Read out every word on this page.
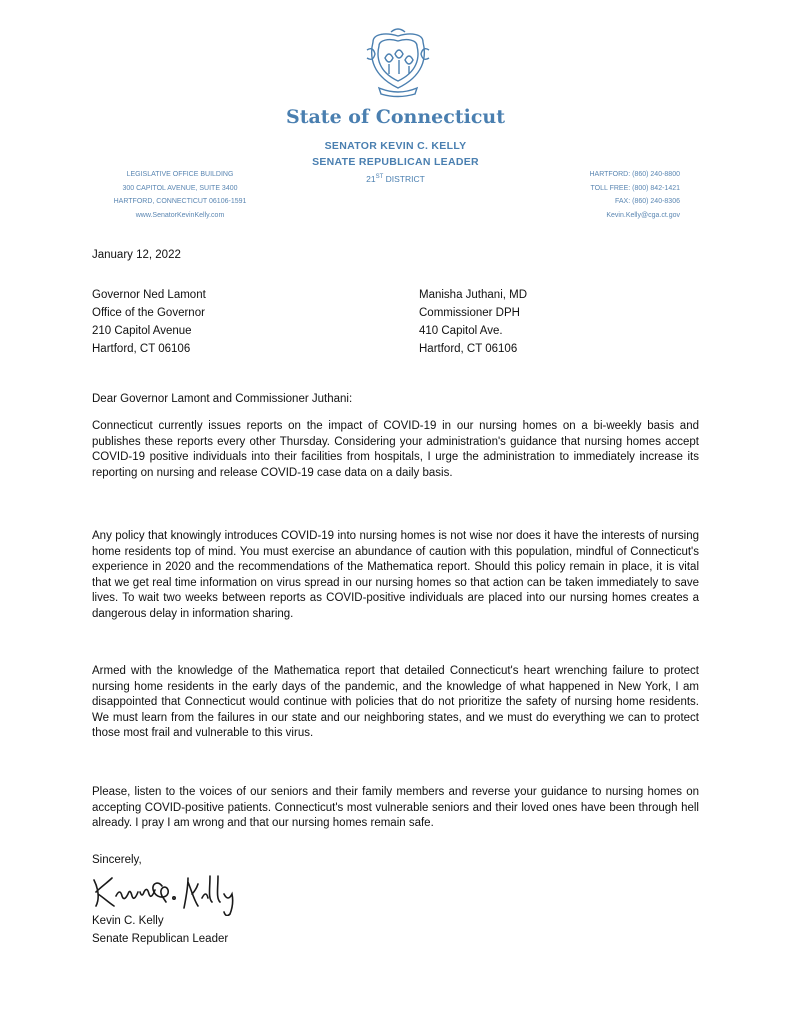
State of Connecticut
SENATOR KEVIN C. KELLY
SENATE REPUBLICAN LEADER
21ST DISTRICT
LEGISLATIVE OFFICE BUILDING
300 CAPITOL AVENUE, SUITE 3400
HARTFORD, CONNECTICUT 06106-1591
www.SenatorKevinKelly.com
HARTFORD: (860) 240-8800
TOLL FREE: (800) 842-1421
FAX: (860) 240-8306
Kevin.Kelly@cga.ct.gov
January 12, 2022
Governor Ned Lamont
Office of the Governor
210 Capitol Avenue
Hartford, CT 06106
Manisha Juthani, MD
Commissioner DPH
410 Capitol Ave.
Hartford, CT 06106
Dear Governor Lamont and Commissioner Juthani:

Connecticut currently issues reports on the impact of COVID-19 in our nursing homes on a bi-weekly basis and publishes these reports every other Thursday. Considering your administration's guidance that nursing homes accept COVID-19 positive individuals into their facilities from hospitals, I urge the administration to immediately increase its reporting on nursing and release COVID-19 case data on a daily basis.

Any policy that knowingly introduces COVID-19 into nursing homes is not wise nor does it have the interests of nursing home residents top of mind. You must exercise an abundance of caution with this population, mindful of Connecticut's experience in 2020 and the recommendations of the Mathematica report. Should this policy remain in place, it is vital that we get real time information on virus spread in our nursing homes so that action can be taken immediately to save lives. To wait two weeks between reports as COVID-positive individuals are placed into our nursing homes creates a dangerous delay in information sharing.

Armed with the knowledge of the Mathematica report that detailed Connecticut's heart wrenching failure to protect nursing home residents in the early days of the pandemic, and the knowledge of what happened in New York, I am disappointed that Connecticut would continue with policies that do not prioritize the safety of nursing home residents. We must learn from the failures in our state and our neighboring states, and we must do everything we can to protect those most frail and vulnerable to this virus.

Please, listen to the voices of our seniors and their family members and reverse your guidance to nursing homes on accepting COVID-positive patients. Connecticut's most vulnerable seniors and their loved ones have been through hell already. I pray I am wrong and that our nursing homes remain safe.

Sincerely,
Kevin C. Kelly
Senate Republican Leader
